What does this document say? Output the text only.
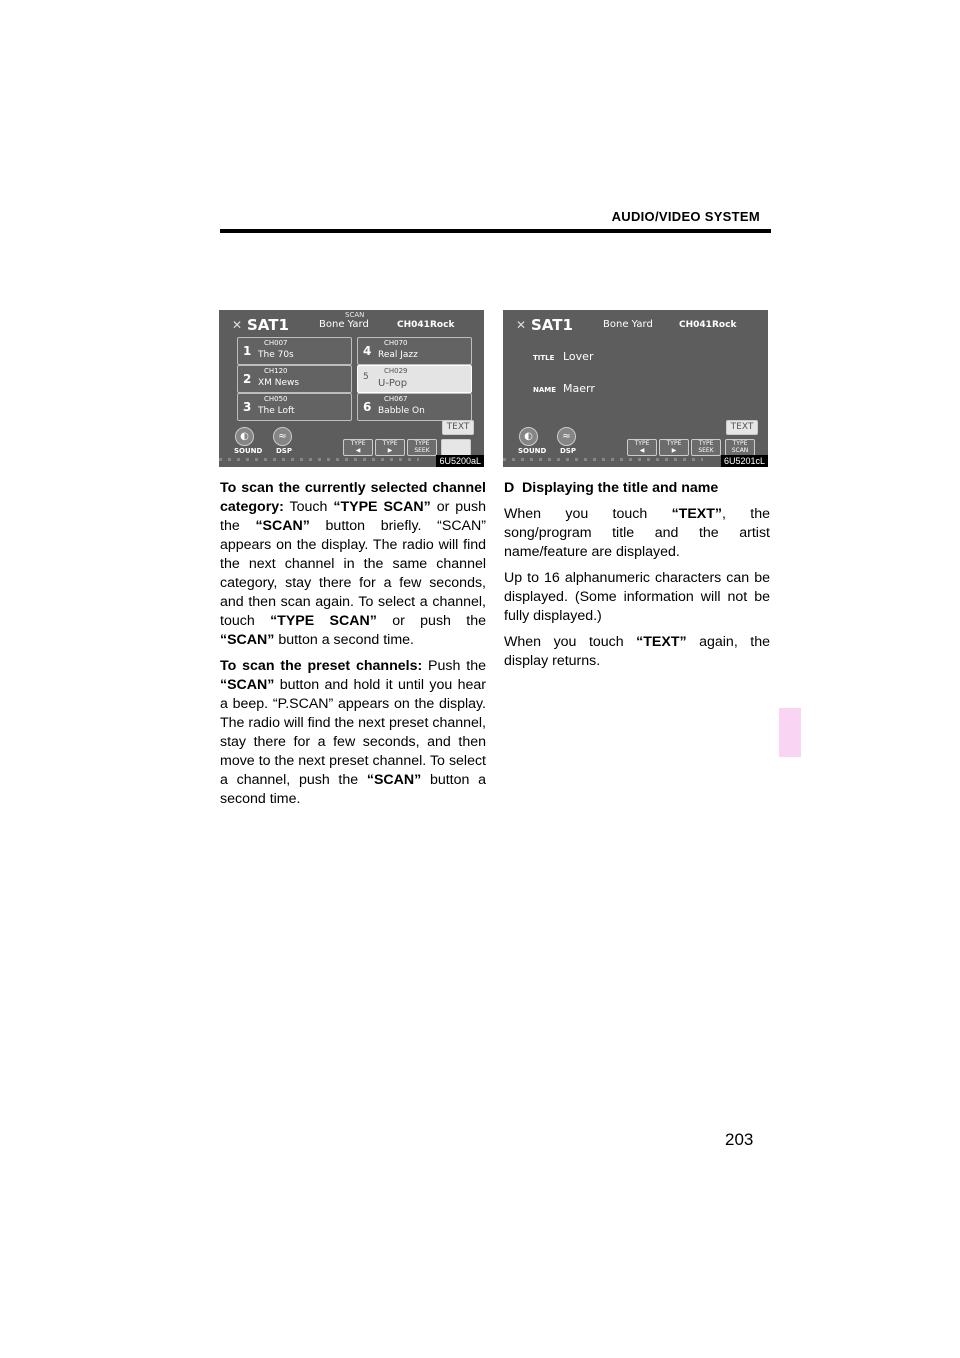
AUDIO/VIDEO SYSTEM
✕ SAT1
SCAN
Bone Yard	CH041 Rock
1
CH007
The 70s
2
CH120
XM News
3
CH050
The Loft
4
CH070
Real Jazz
5
CH029
U-Pop
6
CH067
Babble On
TEXT
◐	≈
SOUND DSP
TYPE
◀
TYPE
▶
TYPE
SEEK
6U5200aL
✕ SAT1	Bone Yard	CH041 Rock
TITLE Lover
NAME Maerr
TEXT
◐	≈
SOUND DSP
TYPE
◀
TYPE
▶
TYPE
SEEK
TYPE
SCAN
6U5201cL

To scan the currently selected channel category: Touch “TYPE SCAN” or push the “SCAN” button briefly. “SCAN” appears on the display. The radio will find the next channel in the same channel category, stay there for a few seconds, and then scan again. To select a channel, touch “TYPE SCAN” or push the “SCAN” button a second time.

To scan the preset channels: Push the “SCAN” button and hold it until you hear a beep. “P.SCAN” appears on the display. The radio will find the next preset channel, stay there for a few seconds, and then move to the next preset channel. To select a channel, push the “SCAN” button a second time.

D Displaying the title and name

When you touch “TEXT”, the song/program title and the artist name/feature are displayed.

Up to 16 alphanumeric characters can be displayed. (Some information will not be fully displayed.)

When you touch “TEXT” again, the display returns.

203
